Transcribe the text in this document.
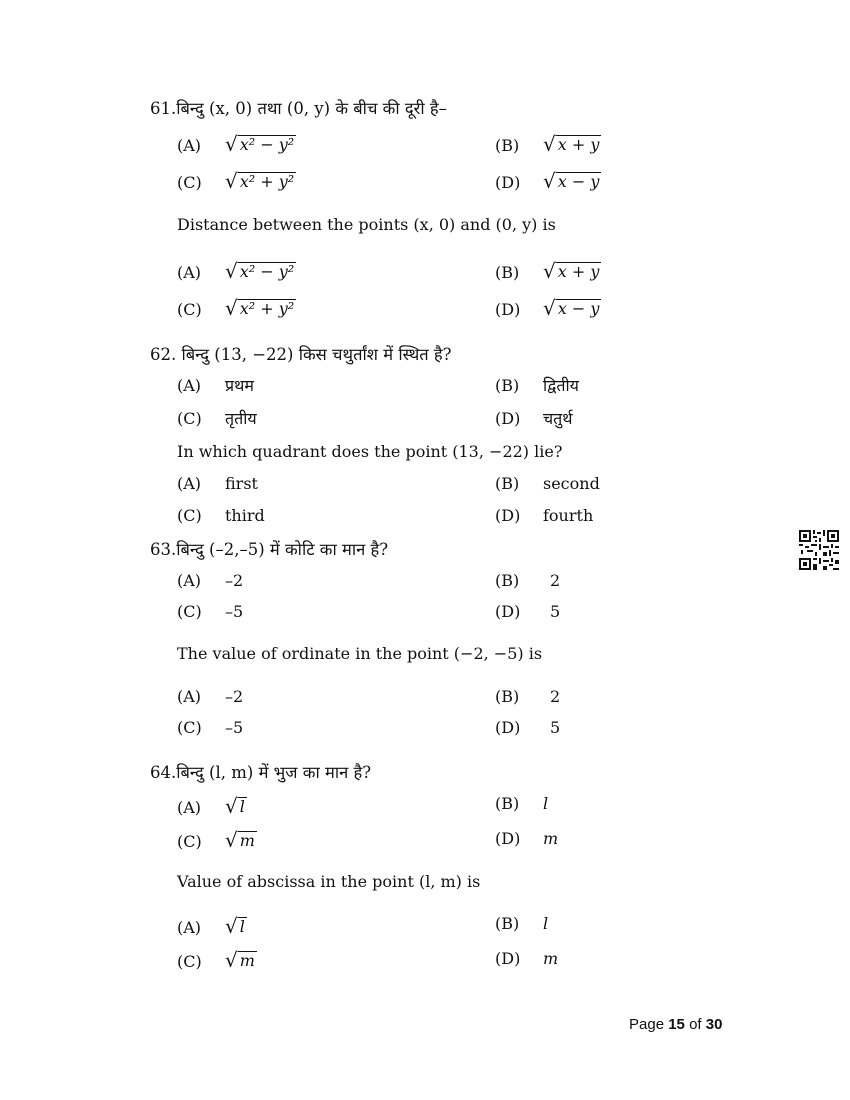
61.बिन्दु (x, 0) तथा (0, y) के बीच की दूरी है–
(A) √ x² − y²	(B) √ x + y
(C) √ x² + y²	(D) √ x − y
Distance between the points (x, 0) and (0, y) is
(A) √ x² − y²	(B) √ x + y
(C) √ x² + y²	(D) √ x − y
62. बिन्दु (13, −22) किस चथुर्तांश में स्थित है?
(A) प्रथम	(B) द्वितीय
(C) तृतीय	(D) चतुर्थ
In which quadrant does the point (13, −22) lie?
(A) first	(B) second
(C) third	(D) fourth
63.बिन्दु (–2,–5) में कोटि का मान है?
(A) –2	(B) 2
(C) –5	(D) 5
The value of ordinate in the point (−2, −5) is
(A) –2	(B) 2
(C) –5	(D) 5
64.बिन्दु (l, m) में भुज का मान है?
(A) √ l	(B) l
(C) √ m	(D) m
Value of abscissa in the point (l, m) is
(A) √ l	(B) l
(C) √ m	(D) m
Page 15 of 30
